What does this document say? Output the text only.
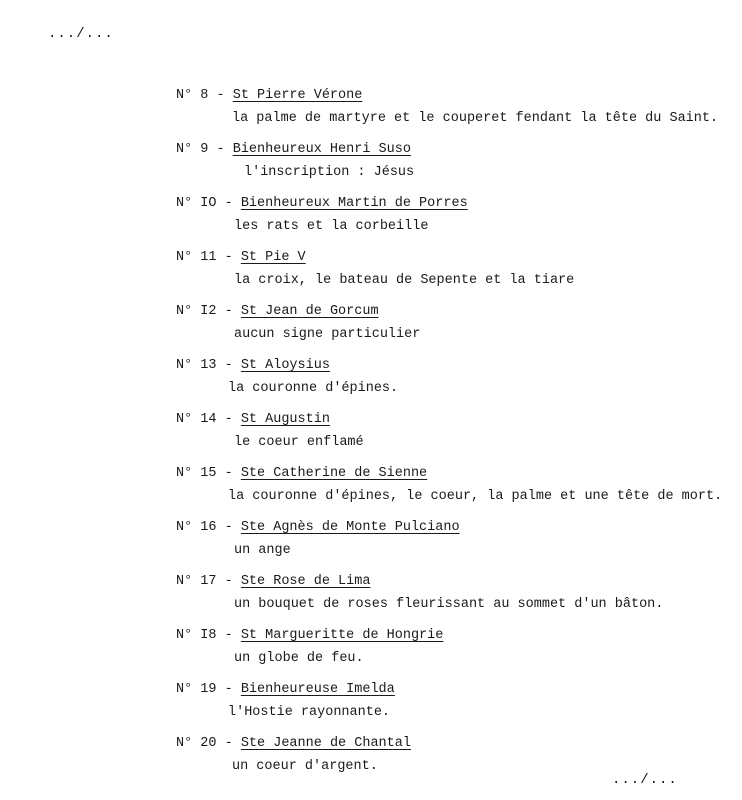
.../...
N° 8 - St Pierre Vérone
la palme de martyre et le couperet fendant la tête du Saint.
N° 9 - Bienheureux Henri Suso
l'inscription : Jésus
N° IO - Bienheureux Martin de Porres
les rats et la corbeille
N° 11 - St Pie V
la croix, le bateau de Sepente et la tiare
N° I2 - St Jean de Gorcum
aucun signe particulier
N° 13 - St Aloysius
la couronne d'épines.
N° 14 - St Augustin
le coeur enflamé
N° 15 - Ste Catherine de Sienne
la couronne d'épines, le coeur, la palme et une tête de mort.
N° 16 - Ste Agnès de Monte Pulciano
un ange
N° 17 - Ste Rose de Lima
un bouquet de roses fleurissant au sommet d'un bâton.
N° I8 - St Margueritte de Hongrie
un globe de feu.
N° 19 - Bienheureuse Imelda
l'Hostie rayonnante.
N° 20 - Ste Jeanne de Chantal
un coeur d'argent.
.../...
